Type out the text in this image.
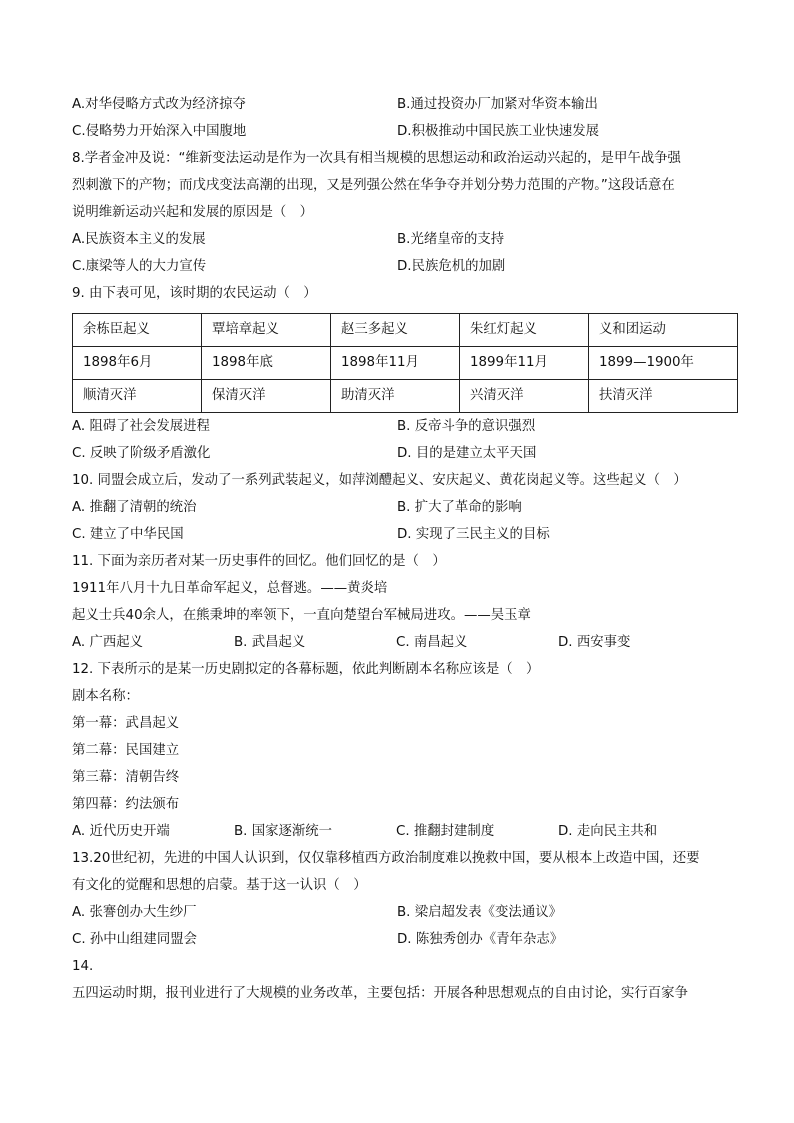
A.对华侵略方式改为经济掠夺	B.通过投资办厂加紧对华资本输出
C.侵略势力开始深入中国腹地	D.积极推动中国民族工业快速发展
8.学者金冲及说：“维新变法运动是作为一次具有相当规模的思想运动和政治运动兴起的，是甲午战争强
烈刺激下的产物；而戊戌变法高潮的出现，又是列强公然在华争夺并划分势力范围的产物。”这段话意在
说明维新运动兴起和发展的原因是（　）
A.民族资本主义的发展	B.光绪皇帝的支持
C.康梁等人的大力宣传	D.民族危机的加剧
9. 由下表可见，该时期的农民运动（　）
余栋臣起义	覃培章起义	赵三多起义	朱红灯起义	义和团运动
1898年6月	1898年底	1898年11月	1899年11月	1899—1900年
顺清灭洋	保清灭洋	助清灭洋	兴清灭洋	扶清灭洋
A. 阻碍了社会发展进程	B. 反帝斗争的意识强烈
C. 反映了阶级矛盾激化	D. 目的是建立太平天国
10. 同盟会成立后，发动了一系列武装起义，如萍浏醴起义、安庆起义、黄花岗起义等。这些起义（　）
A. 推翻了清朝的统治	B. 扩大了革命的影响
C. 建立了中华民国	D. 实现了三民主义的目标
11. 下面为亲历者对某一历史事件的回忆。他们回忆的是（　）
1911年八月十九日革命军起义，总督逃。——黄炎培
起义士兵40余人，在熊秉坤的率领下，一直向楚望台军械局进攻。——吴玉章
A. 广西起义	B. 武昌起义	C. 南昌起义	D. 西安事变
12. 下表所示的是某一历史剧拟定的各幕标题，依此判断剧本名称应该是（　）
剧本名称：
第一幕：武昌起义
第二幕：民国建立
第三幕：清朝告终
第四幕：约法颁布
A. 近代历史开端	B. 国家逐渐统一	C. 推翻封建制度	D. 走向民主共和
13.20世纪初，先进的中国人认识到，仅仅靠移植西方政治制度难以挽救中国，要从根本上改造中国，还要
有文化的觉醒和思想的启蒙。基于这一认识（　）
A. 张謇创办大生纱厂	B. 梁启超发表《变法通议》
C. 孙中山组建同盟会	D. 陈独秀创办《青年杂志》
14.
五四运动时期，报刊业进行了大规模的业务改革，主要包括：开展各种思想观点的自由讨论，实行百家争
